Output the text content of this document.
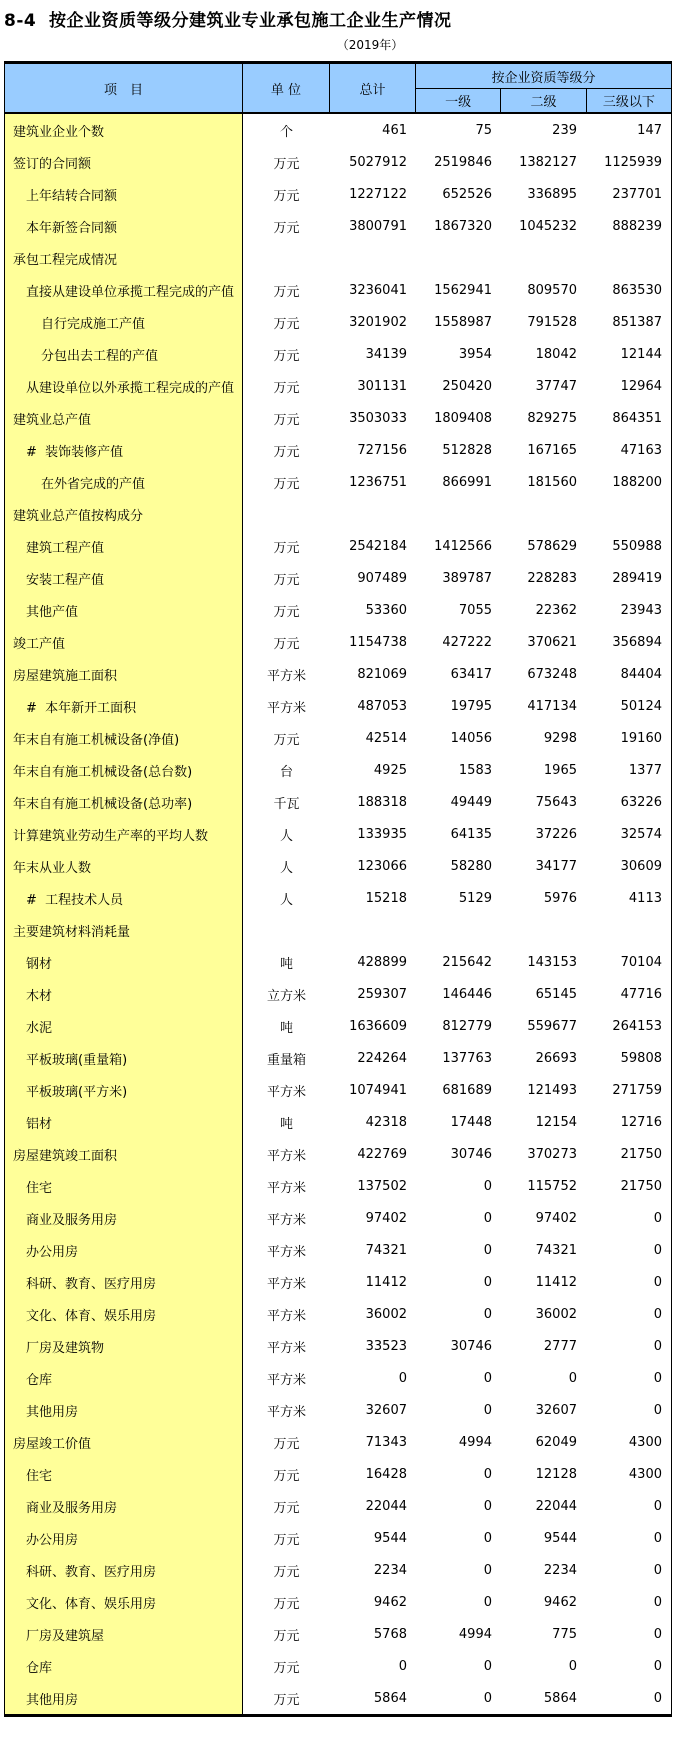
8-4  按企业资质等级分建筑业专业承包施工企业生产情况
（2019年）
项　目	单 位	总计
按企业资质等级分
一级	二级	三级以下
建筑业企业个数	个	461	75	239	147
签订的合同额	万元	5027912	2519846	1382127	1125939
上年结转合同额	万元	1227122	652526	336895	237701
本年新签合同额	万元	3800791	1867320	1045232	888239
承包工程完成情况
直接从建设单位承揽工程完成的产值	万元	3236041	1562941	809570	863530
自行完成施工产值	万元	3201902	1558987	791528	851387
分包出去工程的产值	万元	34139	3954	18042	12144
从建设单位以外承揽工程完成的产值	万元	301131	250420	37747	12964
建筑业总产值	万元	3503033	1809408	829275	864351
#  装饰装修产值	万元	727156	512828	167165	47163
在外省完成的产值	万元	1236751	866991	181560	188200
建筑业总产值按构成分
建筑工程产值	万元	2542184	1412566	578629	550988
安装工程产值	万元	907489	389787	228283	289419
其他产值	万元	53360	7055	22362	23943
竣工产值	万元	1154738	427222	370621	356894
房屋建筑施工面积	平方米	821069	63417	673248	84404
#  本年新开工面积	平方米	487053	19795	417134	50124
年末自有施工机械设备(净值)	万元	42514	14056	9298	19160
年末自有施工机械设备(总台数)	台	4925	1583	1965	1377
年末自有施工机械设备(总功率)	千瓦	188318	49449	75643	63226
计算建筑业劳动生产率的平均人数	人	133935	64135	37226	32574
年末从业人数	人	123066	58280	34177	30609
#  工程技术人员	人	15218	5129	5976	4113
主要建筑材料消耗量
钢材	吨	428899	215642	143153	70104
木材	立方米	259307	146446	65145	47716
水泥	吨	1636609	812779	559677	264153
平板玻璃(重量箱)	重量箱	224264	137763	26693	59808
平板玻璃(平方米)	平方米	1074941	681689	121493	271759
铝材	吨	42318	17448	12154	12716
房屋建筑竣工面积	平方米	422769	30746	370273	21750
住宅	平方米	137502	0	115752	21750
商业及服务用房	平方米	97402	0	97402	0
办公用房	平方米	74321	0	74321	0
科研、教育、医疗用房	平方米	11412	0	11412	0
文化、体育、娱乐用房	平方米	36002	0	36002	0
厂房及建筑物	平方米	33523	30746	2777	0
仓库	平方米	0	0	0	0
其他用房	平方米	32607	0	32607	0
房屋竣工价值	万元	71343	4994	62049	4300
住宅	万元	16428	0	12128	4300
商业及服务用房	万元	22044	0	22044	0
办公用房	万元	9544	0	9544	0
科研、教育、医疗用房	万元	2234	0	2234	0
文化、体育、娱乐用房	万元	9462	0	9462	0
厂房及建筑屋	万元	5768	4994	775	0
仓库	万元	0	0	0	0
其他用房	万元	5864	0	5864	0
